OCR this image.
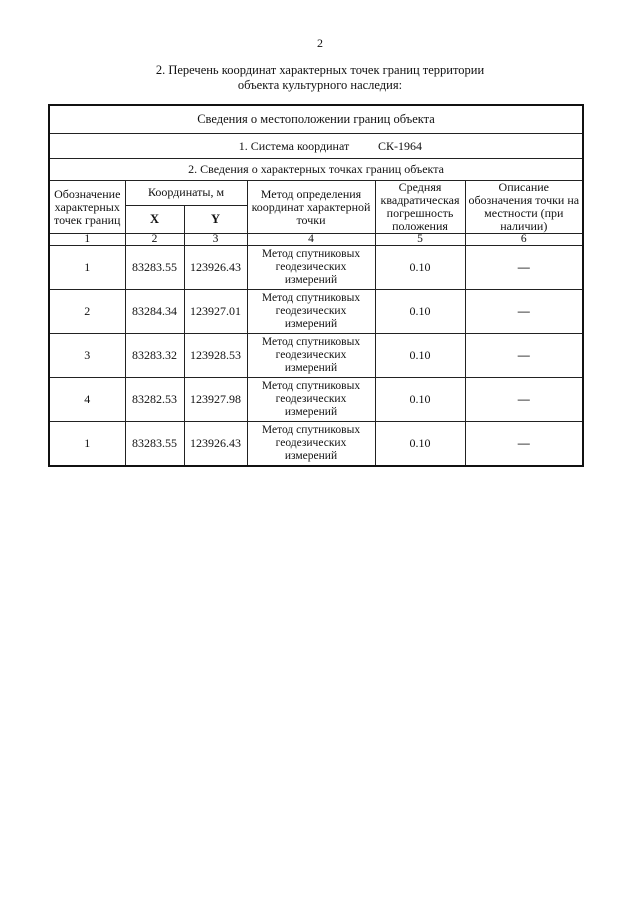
2
2. Перечень координат характерных точек границ территории
объекта культурного наследия:
Сведения о местоположении границ объекта					
1. Система координат СК-1964					
2. Сведения о характерных точках границ объекта					
Обозначение характерных точек границ	Координаты, м		Метод определения координат характерной точки	Средняя квадратическая погрешность положения	Описание обозначения точки на местности (при наличии)
	X	Y			
1	2	3	4	5	6
1	83283.55	123926.43	Метод спутниковых геодезических измерений	0.10	—
2	83284.34	123927.01	Метод спутниковых геодезических измерений	0.10	—
3	83283.32	123928.53	Метод спутниковых геодезических измерений	0.10	—
4	83282.53	123927.98	Метод спутниковых геодезических измерений	0.10	—
1	83283.55	123926.43	Метод спутниковых геодезических измерений	0.10	—
